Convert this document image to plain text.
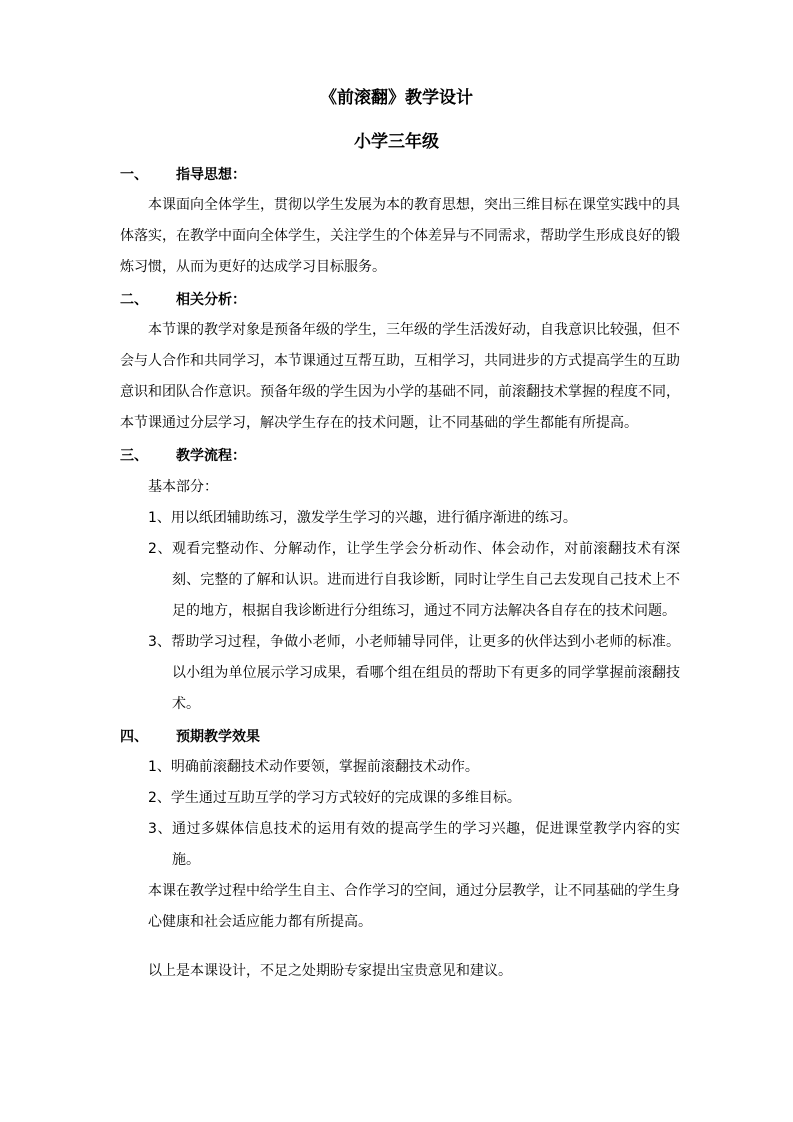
《前滚翻》教学设计
小学三年级
一、 指导思想：
本课面向全体学生，贯彻以学生发展为本的教育思想，突出三维目标在课堂实践中的具体落实，在教学中面向全体学生，关注学生的个体差异与不同需求，帮助学生形成良好的锻炼习惯，从而为更好的达成学习目标服务。
二、 相关分析：
本节课的教学对象是预备年级的学生，三年级的学生活泼好动，自我意识比较强，但不会与人合作和共同学习，本节课通过互帮互助，互相学习，共同进步的方式提高学生的互助意识和团队合作意识。预备年级的学生因为小学的基础不同，前滚翻技术掌握的程度不同，本节课通过分层学习，解决学生存在的技术问题，让不同基础的学生都能有所提高。
三、 教学流程：
基本部分：
1、用以纸团辅助练习，激发学生学习的兴趣，进行循序渐进的练习。
2、观看完整动作、分解动作，让学生学会分析动作、体会动作，对前滚翻技术有深刻、完整的了解和认识。进而进行自我诊断，同时让学生自己去发现自己技术上不足的地方，根据自我诊断进行分组练习，通过不同方法解决各自存在的技术问题。
3、帮助学习过程，争做小老师，小老师辅导同伴，让更多的伙伴达到小老师的标准。以小组为单位展示学习成果，看哪个组在组员的帮助下有更多的同学掌握前滚翻技术。
四、 预期教学效果
1、明确前滚翻技术动作要领，掌握前滚翻技术动作。
2、学生通过互助互学的学习方式较好的完成课的多维目标。
3、通过多媒体信息技术的运用有效的提高学生的学习兴趣，促进课堂教学内容的实施。
本课在教学过程中给学生自主、合作学习的空间，通过分层教学，让不同基础的学生身心健康和社会适应能力都有所提高。
以上是本课设计，不足之处期盼专家提出宝贵意见和建议。
